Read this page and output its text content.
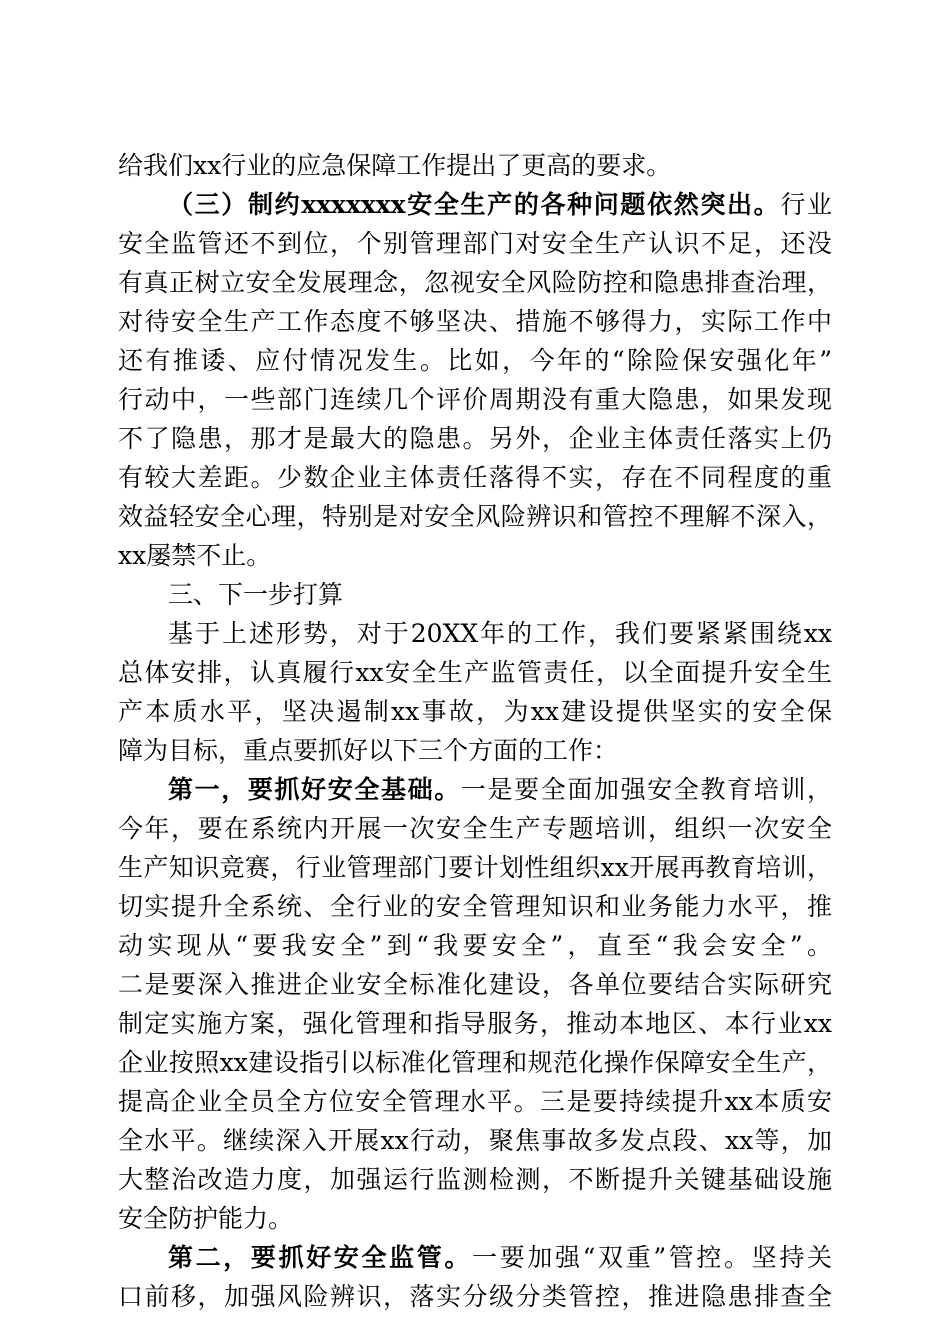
给我们xx行业的应急保障工作提出了更高的要求。
（三）制约xxxxxxx安全生产的各种问题依然突出。行业
安全监管还不到位，个别管理部门对安全生产认识不足，还没
有真正树立安全发展理念，忽视安全风险防控和隐患排查治理，
对待安全生产工作态度不够坚决、措施不够得力，实际工作中
还有推诿、应付情况发生。比如，今年的“除险保安强化年”
行动中，一些部门连续几个评价周期没有重大隐患，如果发现
不了隐患，那才是最大的隐患。另外，企业主体责任落实上仍
有较大差距。少数企业主体责任落得不实，存在不同程度的重
效益轻安全心理，特别是对安全风险辨识和管控不理解不深入，
xx屡禁不止。
三、下一步打算
基于上述形势，对于20XX年的工作，我们要紧紧围绕xx
总体安排，认真履行xx安全生产监管责任，以全面提升安全生
产本质水平，坚决遏制xx事故，为xx建设提供坚实的安全保
障为目标，重点要抓好以下三个方面的工作：
第一，要抓好安全基础。一是要全面加强安全教育培训，
今年，要在系统内开展一次安全生产专题培训，组织一次安全
生产知识竞赛，行业管理部门要计划性组织xx开展再教育培训，
切实提升全系统、全行业的安全管理知识和业务能力水平，推
动实现从“要我安全”到“我要安全”，直至“我会安全”。
二是要深入推进企业安全标准化建设，各单位要结合实际研究
制定实施方案，强化管理和指导服务，推动本地区、本行业xx
企业按照xx建设指引以标准化管理和规范化操作保障安全生产，
提高企业全员全方位安全管理水平。三是要持续提升xx本质安
全水平。继续深入开展xx行动，聚焦事故多发点段、xx等，加
大整治改造力度，加强运行监测检测，不断提升关键基础设施
安全防护能力。
第二，要抓好安全监管。一要加强“双重”管控。坚持关
口前移，加强风险辨识，落实分级分类管控，推进隐患排查全
